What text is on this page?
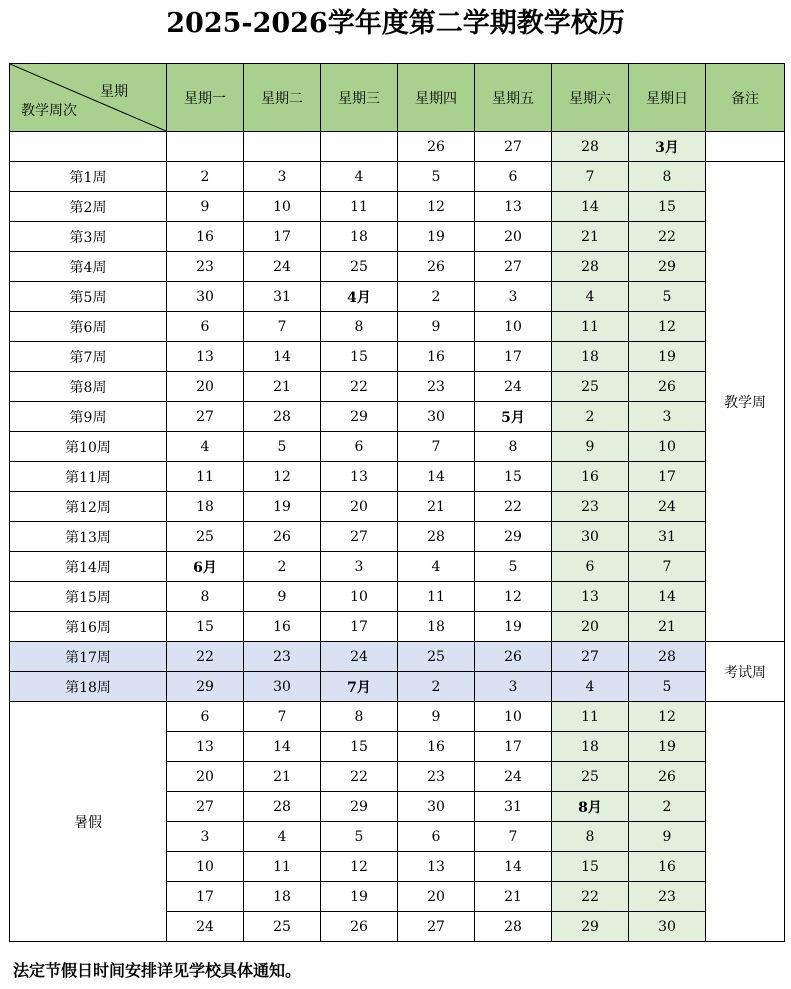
2025-2026学年度第二学期教学校历
星期
教学周次	星期一	星期二	星期三	星期四	星期五	星期六	星期日	备注
				26	27	28	3月	
第1周	2	3	4	5	6	7	8	教学周
第2周	9	10	11	12	13	14	15	
第3周	16	17	18	19	20	21	22	
第4周	23	24	25	26	27	28	29	
第5周	30	31	4月	2	3	4	5	
第6周	6	7	8	9	10	11	12	
第7周	13	14	15	16	17	18	19	
第8周	20	21	22	23	24	25	26	
第9周	27	28	29	30	5月	2	3	
第10周	4	5	6	7	8	9	10	
第11周	11	12	13	14	15	16	17	
第12周	18	19	20	21	22	23	24	
第13周	25	26	27	28	29	30	31	
第14周	6月	2	3	4	5	6	7	
第15周	8	9	10	11	12	13	14	
第16周	15	16	17	18	19	20	21	
第17周	22	23	24	25	26	27	28	考试周
第18周	29	30	7月	2	3	4	5	
暑假	6	7	8	9	10	11	12	
	13	14	15	16	17	18	19	
	20	21	22	23	24	25	26	
	27	28	29	30	31	8月	2	
	3	4	5	6	7	8	9	
	10	11	12	13	14	15	16	
	17	18	19	20	21	22	23	
	24	25	26	27	28	29	30	
法定节假日时间安排详见学校具体通知。
